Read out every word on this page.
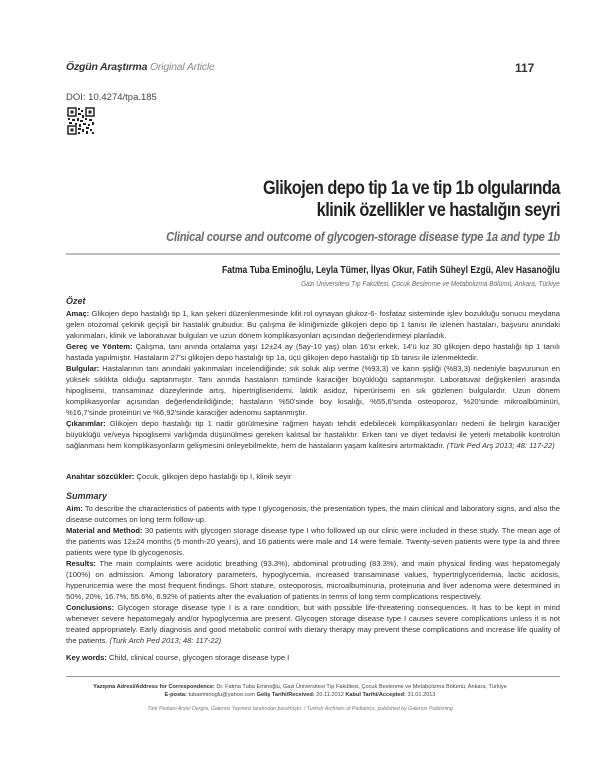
Özgün Araştırma Original Article	117
DOI: 10.4274/tpa.185
Glikojen depo tip 1a ve tip 1b olgularında
klinik özellikler ve hastalığın seyri
Clinical course and outcome of glycogen-storage disease type 1a and type 1b
Fatma Tuba Eminoğlu, Leyla Tümer, İlyas Okur, Fatih Süheyl Ezgü, Alev Hasanoğlu
Gazi Üniversitesi Tıp Fakültesi, Çocuk Beslenme ve Metabolizma Bölümü, Ankara, Türkiye
Özet

Amaç: Glikojen depo hastalığı tip 1, kan şekeri düzenlenmesinde kilit rol oynayan glukoz-6- fosfataz sisteminde işlev bozukluğu sonucu meydana gelen otozomal çekinik geçişli bir hastalık grubudur. Bu çalışma ile kliniğimizde glikojen depo tip 1 tanısı ile izlenen hastaları, başvuru anındaki yakınmaları, klinik ve laboratuvar bulguları ve uzun dönem komplikasyonları açısından değerlendirmeyi planladık.

Gereç ve Yöntem: Çalışma, tanı anında ortalama yaşı 12±24 ay (5ay-10 yaş) olan 16'sı erkek, 14'ü kız 30 glikojen depo hastalığı tip 1 tanılı hastada yapılmıştır. Hastaların 27'si glikojen depo hastalığı tip 1a, üçü glikojen depo hastalığı tip 1b tanısı ile izlenmektedir.

Bulgular: Hastalarının tanı anındaki yakınmaları incelendiğinde; sık soluk alıp verme (%93,3) ve karın şişliği (%83,3) nedeniyle başvurunun en yüksek sıklıkta olduğu saptanmıştır. Tanı anında hastaların tümünde karaciğer büyüklüğü saptanmıştır. Laboratuvar değişkenleri arasında hipoglisemi, transaminaz düzeylerinde artış, hipertrigliseridemi, laktik asidoz, hiperürisemi en sık gözlenen bulgulardır. Uzun dönem komplikasyonlar açısından değerlendirildiğinde; hastaların %50'sinde boy kısalığı, %55,6'sında osteoporoz, %20'sinde mikroalbüminüri, %16,7'sinde proteinüri ve %6,92'sinde karaciğer adenomu saptanmıştır.

Çıkarımlar: Glikojen depo hastalığı tip 1 nadir görülmesine rağmen hayatı tehdit edebilecek komplikasyonları nedeni ile belirgin karaciğer büyüklüğü ve/veya hipoglisemi varlığında düşünülmesi gereken kalıtsal bir hastalıktır. Erken tanı ve diyet tedavisi ile yeterli metabolik kontrolün sağlanması hem komplikasyonların gelişmesini önleyebilmekte, hem de hastaların yaşam kalitesini artırmaktadır. (Türk Ped Arş 2013; 48: 117-22)

Anahtar sözcükler: Çocuk, glikojen depo hastalığı tip I, klinik seyir
Summary

Aim: To describe the characteristics of patients with type I glycogenosis, the presentation types, the main clinical and laboratory signs, and also the disease outcomes on long term follow-up.

Material and Method: 30 patients with glycogen storage disease type I who followed up our clinic were included in these study. The mean age of the patients was 12±24 months (5 month-20 years), and 16 patients were male and 14 were female. Twenty-seven patients were type Ia and three patients were type Ib glycogenosis.

Results: The main complaints were acidotic breathing (93.3%), abdominal protruding (83.3%), and main physical finding was hepatomegaly (100%) on admission. Among laboratory parameters, hypoglycemia, increased transaminase values, hypertriglyceridemia, lactic acidosis, hyperuricemia were the most frequent findings. Short stature, osteoporosis, microalbuminuria, proteinuria and liver adenoma were determined in 50%, 20%, 16.7%, 55.6%, 6.92% of patients after the evaluation of patients in terms of long term complications respectively.

Conclusions: Glycogen storage disease type I is a rare condition, but with possible life-threatering consequences. It has to be kept in mind whenever severe hepatomegaly and/or hypoglycemia are present. Glycogen storage disease type I causes severe complications unless it is not treated appropriately. Early diagnosis and good metabolic control with dietary therapy may prevent these complications and increase life quality of the patients. (Turk Arch Ped 2013; 48: 117-22)

Key words: Child, clinical course, glycogen storage disease type I
Yazışma Adresi/Address for Correspondence: Dr. Fatma Tuba Eminoğlu, Gazi Üniversitesi Tıp Fakültesi, Çocuk Beslenme ve Metabolizma Bölümü, Ankara, Türkiye
E-posta: tubaeminoglu@yahoo.com Geliş Tarihi/Received: 20.11.2012 Kabul Tarihi/Accepted: 31.01.2013
Türk Pediatri Arşivi Dergisi, Galenos Yayınevi tarafından basılmıştır. / Turkish Archives of Pediatrics, published by Galenos Publishing
